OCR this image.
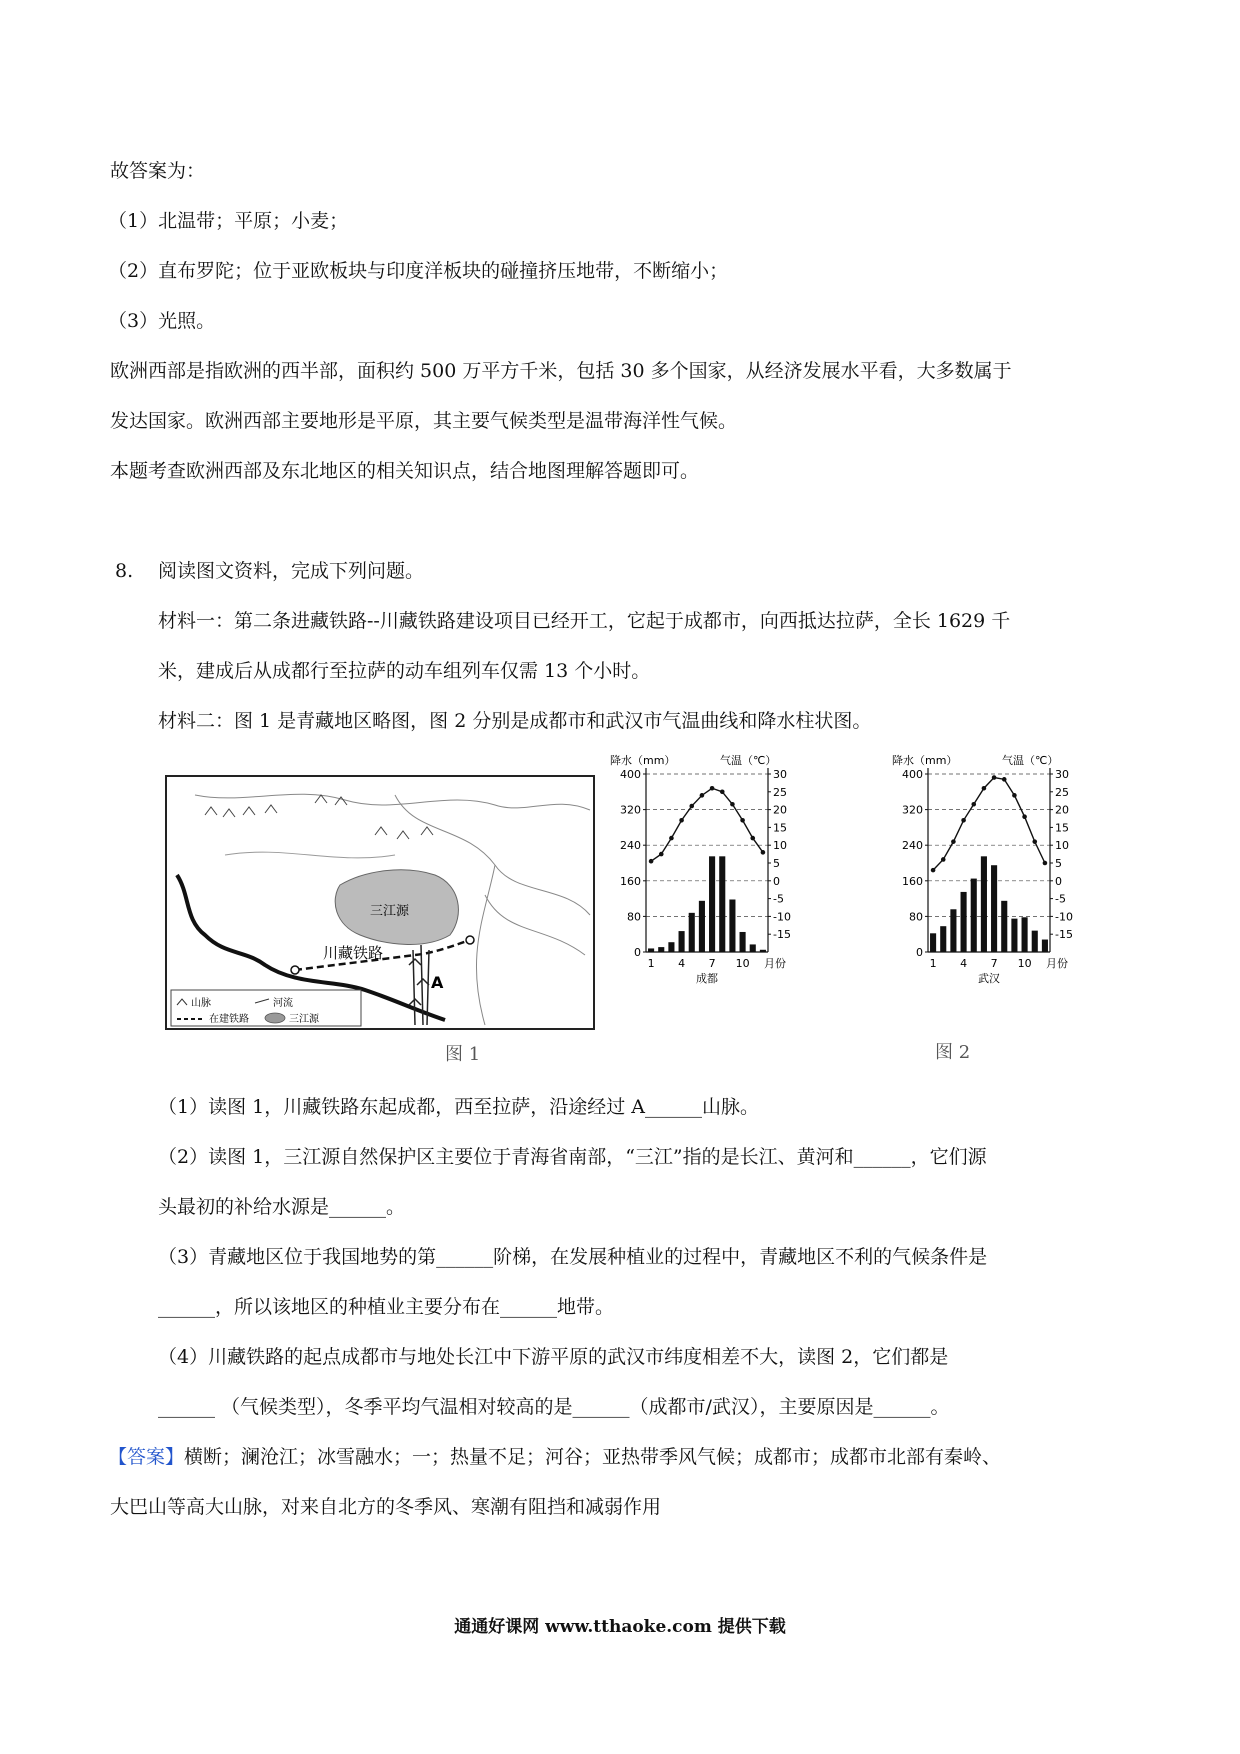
故答案为：
（1）北温带；平原；小麦；
（2）直布罗陀；位于亚欧板块与印度洋板块的碰撞挤压地带，不断缩小；
（3）光照。
欧洲西部是指欧洲的西半部，面积约 500 万平方千米，包括 30 多个国家，从经济发展水平看，大多数属于
发达国家。欧洲西部主要地形是平原，其主要气候类型是温带海洋性气候。
本题考查欧洲西部及东北地区的相关知识点，结合地图理解答题即可。
8. 阅读图文资料，完成下列问题。
材料一：第二条进藏铁路--川藏铁路建设项目已经开工，它起于成都市，向西抵达拉萨，全长 1629 千
米，建成后从成都行至拉萨的动车组列车仅需 13 个小时。
材料二：图 1 是青藏地区略图，图 2 分别是成都市和武汉市气温曲线和降水柱状图。
三江源
川藏铁路
A
山脉	河流
在建铁路	三江源
图 1
降水（mm）	气温（℃）
0
80
160
240
320
400	30
25
20
15
10
5
0
-5
-10
-15
1 4 7 10 月份
成都
降水（mm）	气温（℃）
0
80
160
240
320
400	30
25
20
15
10
5
0
-5
-10
-15
1 4 7 10 月份
武汉
图 2
（1）读图 1，川藏铁路东起成都，西至拉萨，沿途经过 A______山脉。
（2）读图 1，三江源自然保护区主要位于青海省南部，“三江”指的是长江、黄河和______，它们源
头最初的补给水源是______。
（3）青藏地区位于我国地势的第______阶梯，在发展种植业的过程中，青藏地区不利的气候条件是
______，所以该地区的种植业主要分布在______地带。
（4）川藏铁路的起点成都市与地处长江中下游平原的武汉市纬度相差不大，读图 2，它们都是
______ （气候类型），冬季平均气温相对较高的是______（成都市/武汉），主要原因是______。
【答案】横断；澜沧江；冰雪融水；一；热量不足；河谷；亚热带季风气候；成都市；成都市北部有秦岭、
大巴山等高大山脉，对来自北方的冬季风、寒潮有阻挡和减弱作用
通通好课网 www.tthaoke.com 提供下载
